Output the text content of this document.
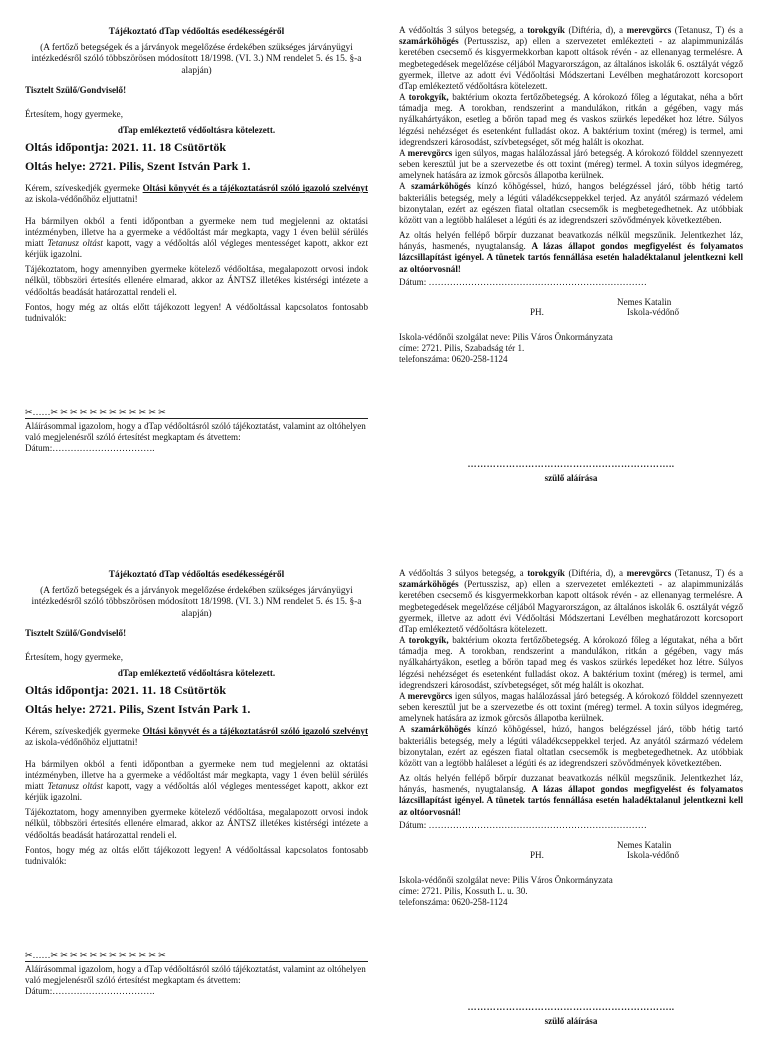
Tájékoztató dTap védőoltás esedékességéről

(A fertőző betegségek és a járványok megelőzése érdekében szükséges járványügyi intézkedésről szóló többszörösen módosított 18/1998. (VI. 3.) NM rendelet 5. és 15. §-a alapján)

Tisztelt Szülő/Gondviselő!

Értesítem, hogy gyermeke,

dTap emlékeztető védőoltásra kötelezett.

Oltás időpontja: 2021. 11. 18 Csütörtök

Oltás helye: 2721. Pilis, Szent István Park 1.

Kérem, szíveskedjék gyermeke Oltási könyvét és a tájékoztatásról szóló igazoló szelvényt az iskola-védőnőhöz eljuttatni!

Ha bármilyen okból a fenti időpontban a gyermeke nem tud megjelenni az oktatási intézményben, illetve ha a gyermeke a védőoltást már megkapta, vagy 1 éven belül sérülés miatt Tetanusz oltást kapott, vagy a védőoltás alól végleges mentességet kapott, akkor ezt kérjük igazolni.

Tájékoztatom, hogy amennyiben gyermeke kötelező védőoltása, megalapozott orvosi indok nélkül, többszöri értesítés ellenére elmarad, akkor az ÁNTSZ illetékes kistérségi intézete a védőoltás beadását határozattal rendeli el.

Fontos, hogy még az oltás előtt tájékozott legyen! A védőoltással kapcsolatos fontosabb tudnivalók:

✂……✂ ✂ ✂ ✂ ✂ ✂ ✂ ✂ ✂ ✂ ✂ ✂

Aláírásommal igazolom, hogy a dTap védőoltásról szóló tájékoztatást, valamint az oltóhelyen való megjelenésről szóló értesítést megkaptam és átvettem:

Dátum:…………………………….

A védőoltás 3 súlyos betegség, a torokgyík (Diftéria, d), a merevgörcs (Tetanusz, T) és a szamárköhögés (Pertusszisz, ap) ellen a szervezetet emlékezteti - az alapimmunizálás keretében csecsemő és kisgyermekkorban kapott oltások révén - az ellenanyag termelésre. A megbetegedések megelőzése céljából Magyarországon, az általános iskolák 6. osztályát végző gyermek, illetve az adott évi Védőoltási Módszertani Levélben meghatározott korcsoport dTap emlékeztető védőoltásra kötelezett.

A torokgyík, baktérium okozta fertőzőbetegség. A kórokozó főleg a légutakat, néha a bőrt támadja meg. A torokban, rendszerint a mandulákon, ritkán a gégében, vagy más nyálkahártyákon, esetleg a bőrön tapad meg és vaskos szürkés lepedéket hoz létre. Súlyos légzési nehézséget és esetenként fulladást okoz. A baktérium toxint (méreg) is termel, ami idegrendszeri károsodást, szívbetegséget, sőt még halált is okozhat.

A merevgörcs igen súlyos, magas halálozással járó betegség. A kórokozó földdel szennyezett seben keresztül jut be a szervezetbe és ott toxint (méreg) termel. A toxin súlyos idegméreg, amelynek hatására az izmok görcsös állapotba kerülnek.

A szamárköhögés kínzó köhögéssel, húzó, hangos belégzéssel járó, több hétig tartó bakteriális betegség, mely a légúti váladékcseppekkel terjed. Az anyától származó védelem bizonytalan, ezért az egészen fiatal oltatlan csecsemők is megbetegedhetnek. Az utóbbiak között van a legtöbb haláleset a légúti és az idegrendszeri szövődmények következtében.

Az oltás helyén fellépő bőrpír duzzanat beavatkozás nélkül megszűnik. Jelentkezhet láz, hányás, hasmenés, nyugtalanság. A lázas állapot gondos megfigyelést és folyamatos lázcsillapítást igényel. A tünetek tartós fennállása esetén haladéktalanul jelentkezni kell az oltóorvosnál!

Dátum: ………………………………………………………………

Nemes Katalin
PH.	Iskola-védőnő

Iskola-védőnői szolgálat neve: Pilis Város Önkormányzata

címe: 2721. Pilis, Szabadság tér 1.

telefonszáma: 0620-258-1124

………………………………………………………..

szülő aláírása

Tájékoztató dTap védőoltás esedékességéről

(A fertőző betegségek és a járványok megelőzése érdekében szükséges járványügyi intézkedésről szóló többszörösen módosított 18/1998. (VI. 3.) NM rendelet 5. és 15. §-a alapján)

Tisztelt Szülő/Gondviselő!

Értesítem, hogy gyermeke,

dTap emlékeztető védőoltásra kötelezett.

Oltás időpontja: 2021. 11. 18 Csütörtök

Oltás helye: 2721. Pilis, Szent István Park 1.

Kérem, szíveskedjék gyermeke Oltási könyvét és a tájékoztatásról szóló igazoló szelvényt az iskola-védőnőhöz eljuttatni!

Ha bármilyen okból a fenti időpontban a gyermeke nem tud megjelenni az oktatási intézményben, illetve ha a gyermeke a védőoltást már megkapta, vagy 1 éven belül sérülés miatt Tetanusz oltást kapott, vagy a védőoltás alól végleges mentességet kapott, akkor ezt kérjük igazolni.

Tájékoztatom, hogy amennyiben gyermeke kötelező védőoltása, megalapozott orvosi indok nélkül, többszöri értesítés ellenére elmarad, akkor az ÁNTSZ illetékes kistérségi intézete a védőoltás beadását határozattal rendeli el.

Fontos, hogy még az oltás előtt tájékozott legyen! A védőoltással kapcsolatos fontosabb tudnivalók:

✂……✂ ✂ ✂ ✂ ✂ ✂ ✂ ✂ ✂ ✂ ✂ ✂

Aláírásommal igazolom, hogy a dTap védőoltásról szóló tájékoztatást, valamint az oltóhelyen való megjelenésről szóló értesítést megkaptam és átvettem:

Dátum:…………………………….

A védőoltás 3 súlyos betegség, a torokgyík (Diftéria, d), a merevgörcs (Tetanusz, T) és a szamárköhögés (Pertusszisz, ap) ellen a szervezetet emlékezteti - az alapimmunizálás keretében csecsemő és kisgyermekkorban kapott oltások révén - az ellenanyag termelésre. A megbetegedések megelőzése céljából Magyarországon, az általános iskolák 6. osztályát végző gyermek, illetve az adott évi Védőoltási Módszertani Levélben meghatározott korcsoport dTap emlékeztető védőoltásra kötelezett.

A torokgyík, baktérium okozta fertőzőbetegség. A kórokozó főleg a légutakat, néha a bőrt támadja meg. A torokban, rendszerint a mandulákon, ritkán a gégében, vagy más nyálkahártyákon, esetleg a bőrön tapad meg és vaskos szürkés lepedéket hoz létre. Súlyos légzési nehézséget és esetenként fulladást okoz. A baktérium toxint (méreg) is termel, ami idegrendszeri károsodást, szívbetegséget, sőt még halált is okozhat.

A merevgörcs igen súlyos, magas halálozással járó betegség. A kórokozó földdel szennyezett seben keresztül jut be a szervezetbe és ott toxint (méreg) termel. A toxin súlyos idegméreg, amelynek hatására az izmok görcsös állapotba kerülnek.

A szamárköhögés kínzó köhögéssel, húzó, hangos belégzéssel járó, több hétig tartó bakteriális betegség, mely a légúti váladékcseppekkel terjed. Az anyától származó védelem bizonytalan, ezért az egészen fiatal oltatlan csecsemők is megbetegedhetnek. Az utóbbiak között van a legtöbb haláleset a légúti és az idegrendszeri szövődmények következtében.

Az oltás helyén fellépő bőrpír duzzanat beavatkozás nélkül megszűnik. Jelentkezhet láz, hányás, hasmenés, nyugtalanság. A lázas állapot gondos megfigyelést és folyamatos lázcsillapítást igényel. A tünetek tartós fennállása esetén haladéktalanul jelentkezni kell az oltóorvosnál!

Dátum: ………………………………………………………………

Nemes Katalin
PH.	Iskola-védőnő

Iskola-védőnői szolgálat neve: Pilis Város Önkormányzata

címe: 2721. Pilis, Kossuth L. u. 30.

telefonszáma: 0620-258-1124

………………………………………………………..

szülő aláírása
